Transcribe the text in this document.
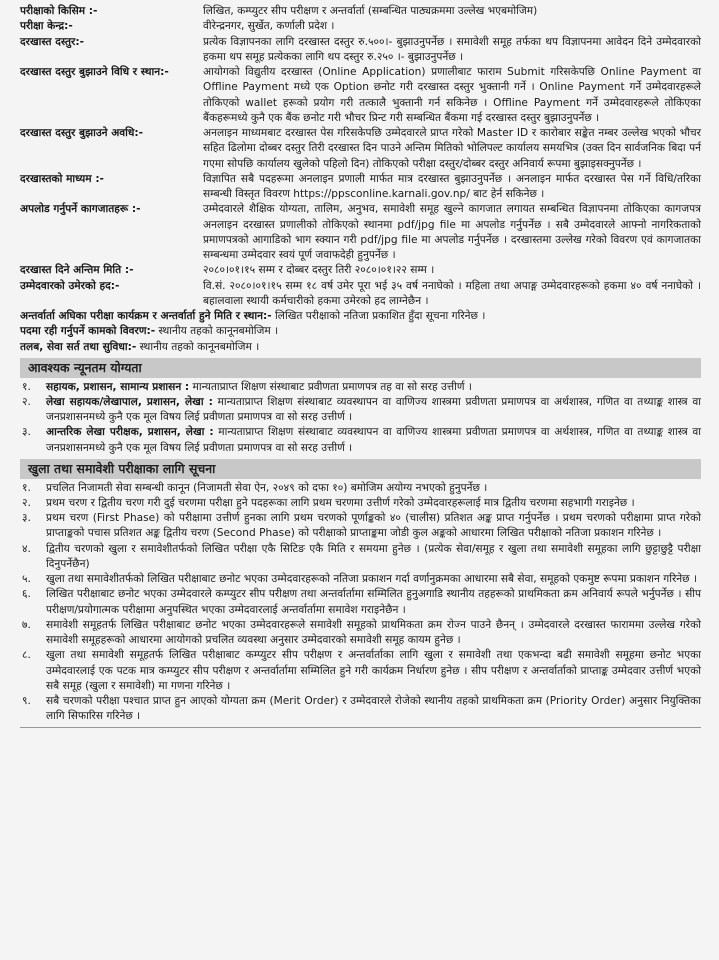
परीक्षाको किसिम :-	लिखित, कम्प्युटर सीप परीक्षण र अन्तर्वार्ता (सम्बन्धित पाठ्यक्रममा उल्लेख भएबमोजिम)
परीक्षा केन्द्र:-	वीरेन्द्रनगर, सुर्खेत, कर्णाली प्रदेश ।
दरखास्त दस्तुर:-	प्रत्येक विज्ञापनका लागि दरखास्त दस्तुर रु.५००।- बुझाउनुपर्नेछ । समावेशी समूह तर्फका थप विज्ञापनमा आवेदन दिने उम्मेदवारको हकमा थप समूह प्रत्येकका लागि थप दस्तुर रु.२५० ।- बुझाउनुपर्नेछ ।
दरखास्त दस्तुर बुझाउने विधि र स्थान:-	आयोगको विद्युतीय दरखास्त (Online Application) प्रणालीबाट फाराम Submit गरिसकेपछि Online Payment वा Offline Payment मध्ये एक Option छनोट गरी दरखास्त दस्तुर भुक्तानी गर्ने । Online Payment गर्ने उम्मेदवारहरूले तोकिएको wallet हरूको प्रयोग गरी तत्कालै भुक्तानी गर्न सकिनेछ । Offline Payment गर्ने उम्मेदवारहरूले तोकिएका बैंकहरूमध्ये कुनै एक बैंक छनोट गरी भौचर प्रिन्ट गरी सम्बन्धित बैंकमा गई दरखास्त दस्तुर बुझाउनुपर्नेछ ।
दरखास्त दस्तुर बुझाउने अवधि:-	अनलाइन माध्यमबाट दरखास्त पेस गरिसकेपछि उम्मेदवारले प्राप्त गरेको Master ID र कारोबार सङ्केत नम्बर उल्लेख भएको भौचर सहित ढिलोमा दोब्बर दस्तुर तिरी दरखास्त दिन पाउने अन्तिम मितिको भोलिपल्ट कार्यालय समयभित्र (उक्त दिन सार्वजनिक बिदा पर्न गएमा सोपछि कार्यालय खुलेको पहिलो दिन) तोकिएको परीक्षा दस्तुर/दोब्बर दस्तुर अनिवार्य रूपमा बुझाइसक्नुपर्नेछ ।
दरखास्तको माध्यम :-	विज्ञापित सबै पदहरूमा अनलाइन प्रणाली मार्फत मात्र दरखास्त बुझाउनुपर्नेछ । अनलाइन मार्फत दरखास्त पेस गर्ने विधि/तरिका सम्बन्धी विस्तृत विवरण https://ppsconline.karnali.gov.np/ बाट हेर्न सकिनेछ ।
अपलोड गर्नुपर्ने कागजातहरू :-	उम्मेदवारले शैक्षिक योग्यता, तालिम, अनुभव, समावेशी समूह खुल्ने कागजात लगायत सम्बन्धित विज्ञापनमा तोकिएका कागजपत्र अनलाइन दरखास्त प्रणालीको तोकिएको स्थानमा pdf/jpg file मा अपलोड गर्नुपर्नेछ । सबै उम्मेदवारले आफ्नो नागरिकताको प्रमाणपत्रको आगाडिको भाग स्क्यान गरी pdf/jpg file मा अपलोड गर्नुपर्नेछ । दरखास्तमा उल्लेख गरेको विवरण एवं कागजातका सम्बन्धमा उम्मेदवार स्वयं पूर्ण जवाफदेही हुनुपर्नेछ ।
दरखास्त दिने अन्तिम मिति :-	२०८०।०१।१५ सम्म र दोब्बर दस्तुर तिरी २०८०।०१।२२ सम्म ।
उम्मेदवारको उमेरको हद:-	वि.सं. २०८०।०१।१५ सम्म १८ वर्ष उमेर पूरा भई ३५ वर्ष ननाघेको । महिला तथा अपाङ्ग उम्मेदवारहरूको हकमा ४० वर्ष ननाघेको । बहालवाला स्थायी कर्मचारीको हकमा उमेरको हद लाग्नेछैन ।
अन्तर्वार्ता अघिका परीक्षा कार्यक्रम र अन्तर्वार्ता हुने मिति र स्थान:- लिखित परीक्षाको नतिजा प्रकाशित हुँदा सूचना गरिनेछ ।
पदमा रही गर्नुपर्ने कामको विवरण:- स्थानीय तहको कानूनबमोजिम ।
तलब, सेवा सर्त तथा सुविधा:- स्थानीय तहको कानूनबमोजिम ।
आवश्यक न्यूनतम योग्यता
१.	सहायक, प्रशासन, सामान्य प्रशासन : मान्यताप्राप्त शिक्षण संस्थाबाट प्रवीणता प्रमाणपत्र तह वा सो सरह उत्तीर्ण ।
२.	लेखा सहायक/लेखापाल, प्रशासन, लेखा : मान्यताप्राप्त शिक्षण संस्थाबाट व्यवस्थापन वा वाणिज्य शास्त्रमा प्रवीणता प्रमाणपत्र वा अर्थशास्त्र, गणित वा तथ्याङ्क शास्त्र वा जनप्रशासनमध्ये कुनै एक मूल विषय लिई प्रवीणता प्रमाणपत्र वा सो सरह उत्तीर्ण ।
३.	आन्तरिक लेखा परीक्षक, प्रशासन, लेखा : मान्यताप्राप्त शिक्षण संस्थाबाट व्यवस्थापन वा वाणिज्य शास्त्रमा प्रवीणता प्रमाणपत्र वा अर्थशास्त्र, गणित वा तथ्याङ्क शास्त्र वा जनप्रशासनमध्ये कुनै एक मूल विषय लिई प्रवीणता प्रमाणपत्र वा सो सरह उत्तीर्ण ।
खुला तथा समावेशी परीक्षाका लागि सूचना
१.	प्रचलित निजामती सेवा सम्बन्धी कानून (निजामती सेवा ऐन, २०४९ को दफा १०) बमोजिम अयोग्य नभएको हुनुपर्नेछ ।
२.	प्रथम चरण र द्वितीय चरण गरी दुई चरणमा परीक्षा हुने पदहरूका लागि प्रथम चरणमा उत्तीर्ण गरेको उम्मेदवारहरूलाई मात्र द्वितीय चरणमा सहभागी गराइनेछ ।
३.	प्रथम चरण (First Phase) को परीक्षामा उत्तीर्ण हुनका लागि प्रथम चरणको पूर्णाङ्कको ४० (चालीस) प्रतिशत अङ्क प्राप्त गर्नुपर्नेछ । प्रथम चरणको परीक्षामा प्राप्त गरेको प्राप्ताङ्कको पचास प्रतिशत अङ्क द्वितीय चरण (Second Phase) को परीक्षाको प्राप्ताङ्कमा जोडी कुल अङ्कको आधारमा लिखित परीक्षाको नतिजा प्रकाशन गरिनेछ ।
४.	द्वितीय चरणको खुला र समावेशीतर्फको लिखित परीक्षा एकै सिटिङ एकै मिति र समयमा हुनेछ । (प्रत्येक सेवा/समूह र खुला तथा समावेशी समूहका लागि छुट्टाछुट्टै परीक्षा दिनुपर्नेछैन)
५.	खुला तथा समावेशीतर्फको लिखित परीक्षाबाट छनोट भएका उम्मेदवारहरूको नतिजा प्रकाशन गर्दा वर्णानुक्रमका आधारमा सबै सेवा, समूहको एकमुष्ट रूपमा प्रकाशन गरिनेछ ।
६.	लिखित परीक्षाबाट छनोट भएका उम्मेदवारले कम्प्युटर सीप परीक्षण तथा अन्तर्वार्तामा सम्मिलित हुनुअगाडि स्थानीय तहहरूको प्राथमिकता क्रम अनिवार्य रूपले भर्नुपर्नेछ । सीप परीक्षण/प्रयोगात्मक परीक्षामा अनुपस्थित भएका उम्मेदवारलाई अन्तर्वार्तामा समावेश गराइनेछैन ।
७.	समावेशी समूहतर्फ लिखित परीक्षाबाट छनोट भएका उम्मेदवारहरूले समावेशी समूहको प्राथमिकता क्रम रोज्न पाउने छैनन् । उम्मेदवारले दरखास्त फाराममा उल्लेख गरेको समावेशी समूहहरूको आधारमा आयोगको प्रचलित व्यवस्था अनुसार उम्मेदवारको समावेशी समूह कायम हुनेछ ।
८.	खुला तथा समावेशी समूहतर्फ लिखित परीक्षाबाट कम्प्युटर सीप परीक्षण र अन्तर्वार्ताका लागि खुला र समावेशी तथा एकभन्दा बढी समावेशी समूहमा छनोट भएका उम्मेदवारलाई एक पटक मात्र कम्प्युटर सीप परीक्षण र अन्तर्वार्तामा सम्मिलित हुने गरी कार्यक्रम निर्धारण हुनेछ । सीप परीक्षण र अन्तर्वार्ताको प्राप्ताङ्क उम्मेदवार उत्तीर्ण भएको सबै समूह (खुला र समावेशी) मा गणना गरिनेछ ।
९.	सबै चरणको परीक्षा पश्चात प्राप्त हुन आएको योग्यता क्रम (Merit Order) र उम्मेदवारले रोजेको स्थानीय तहको प्राथमिकता क्रम (Priority Order) अनुसार नियुक्तिका लागि सिफारिस गरिनेछ ।
